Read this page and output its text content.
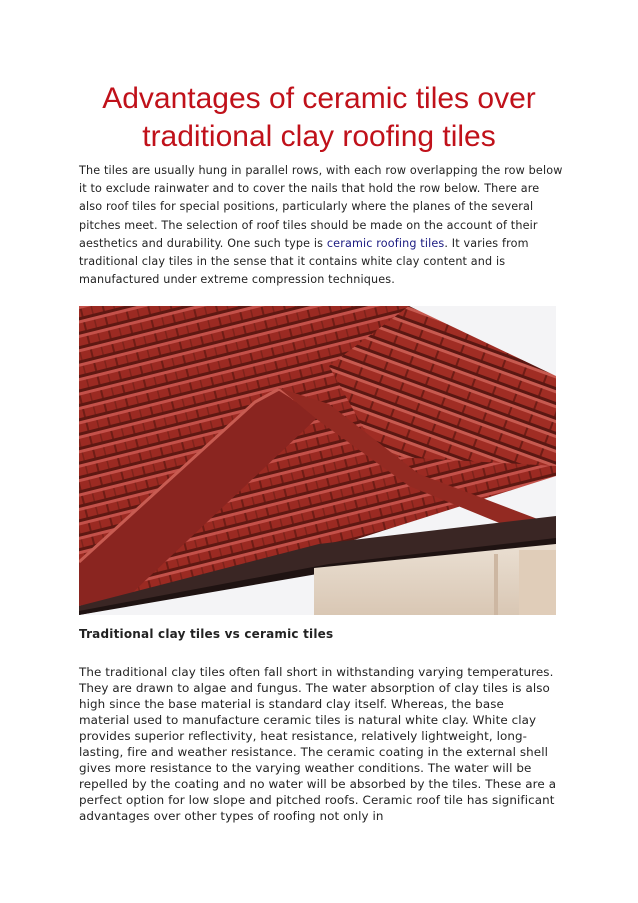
Advantages of ceramic tiles over traditional clay roofing tiles
The tiles are usually hung in parallel rows, with each row overlapping the row below it to exclude rainwater and to cover the nails that hold the row below. There are also roof tiles for special positions, particularly where the planes of the several pitches meet. The selection of roof tiles should be made on the account of their aesthetics and durability. One such type is ceramic roofing tiles. It varies from traditional clay tiles in the sense that it contains white clay content and is manufactured under extreme compression techniques.
Traditional clay tiles vs ceramic tiles
The traditional clay tiles often fall short in withstanding varying temperatures. They are drawn to algae and fungus. The water absorption of clay tiles is also high since the base material is standard clay itself. Whereas, the base material used to manufacture ceramic tiles is natural white clay. White clay provides superior reflectivity, heat resistance, relatively lightweight, long-lasting, fire and weather resistance. The ceramic coating in the external shell gives more resistance to the varying weather conditions. The water will be repelled by the coating and no water will be absorbed by the tiles. These are a perfect option for low slope and pitched roofs. Ceramic roof tile has significant advantages over other types of roofing not only in
